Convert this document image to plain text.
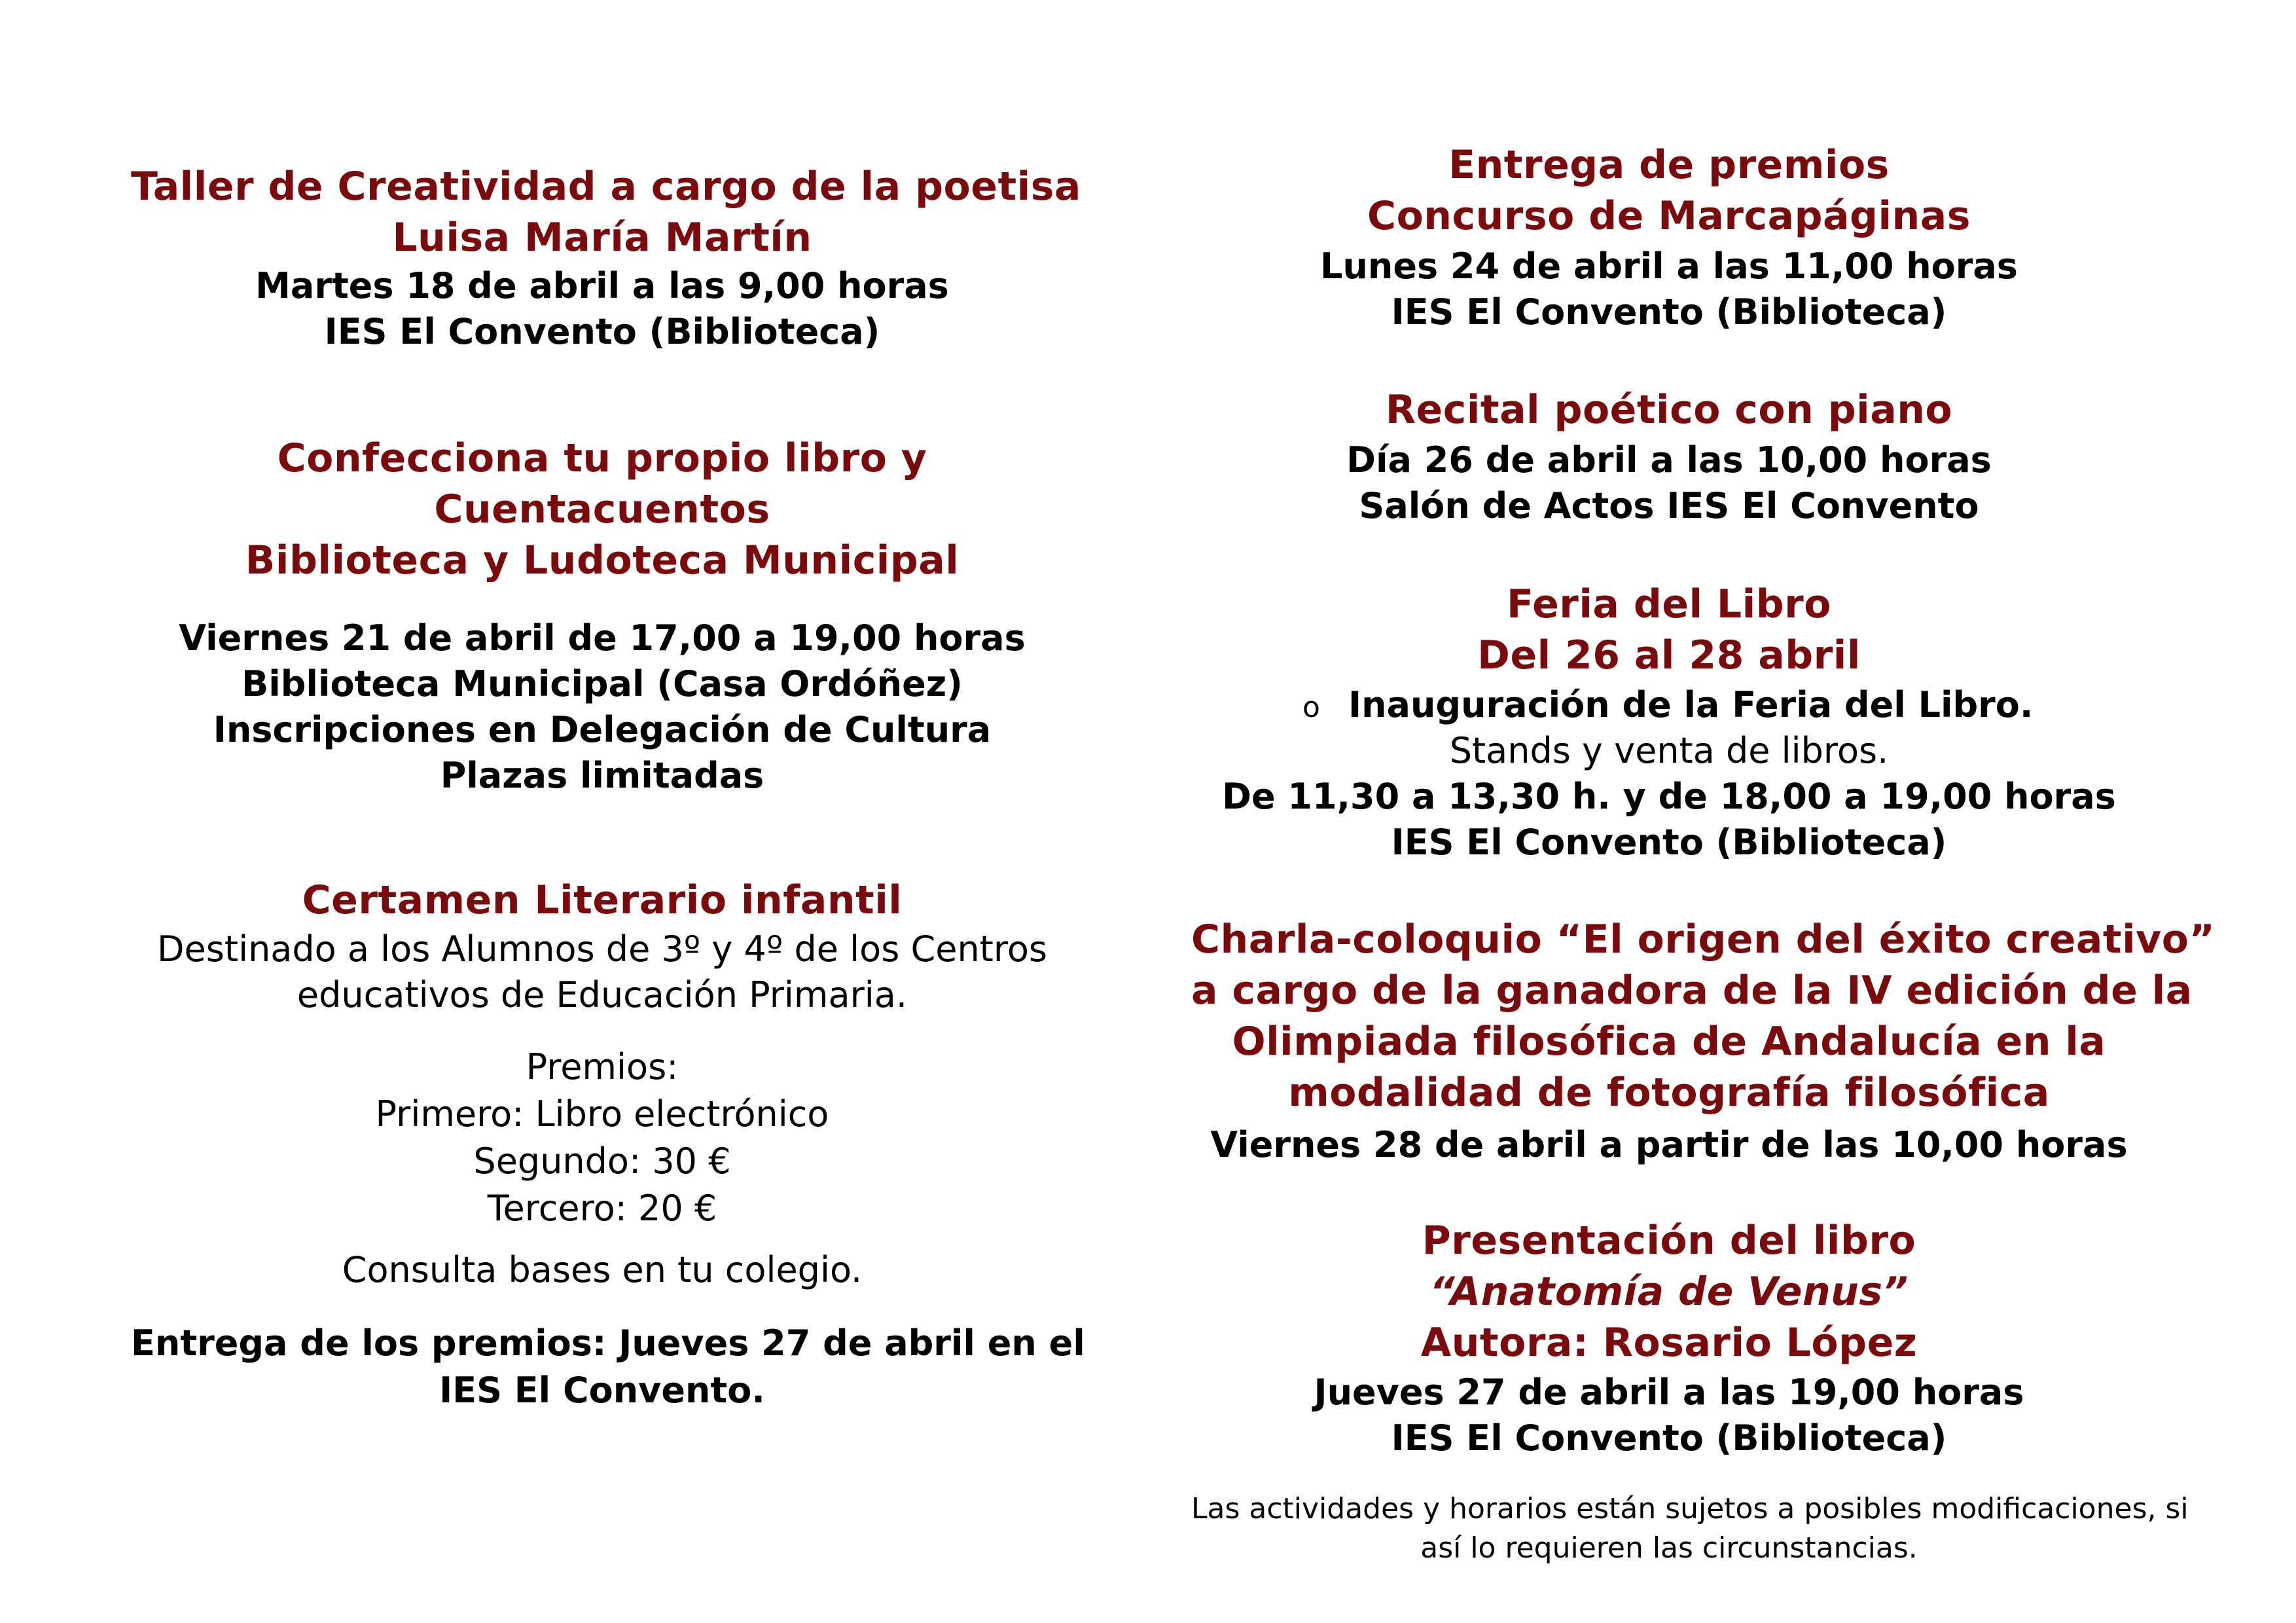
Taller de Creatividad a cargo de la poetisa
Luisa María Martín
Martes 18 de abril a las 9,00 horas
IES El Convento (Biblioteca)
Confecciona tu propio libro y
Cuentacuentos
Biblioteca y Ludoteca Municipal
Viernes 21 de abril de 17,00 a 19,00 horas
Biblioteca Municipal (Casa Ordóñez)
Inscripciones en Delegación de Cultura
Plazas limitadas
Certamen Literario infantil
Destinado a los Alumnos de 3º y 4º de los Centros
educativos de Educación Primaria.
Premios:
Primero: Libro electrónico
Segundo: 30 €
Tercero: 20 €
Consulta bases en tu colegio.
Entrega de los premios: Jueves 27 de abril en el
IES El Convento.
Entrega de premios
Concurso de Marcapáginas
Lunes 24 de abril a las 11,00 horas
IES El Convento (Biblioteca)
Recital poético con piano
Día 26 de abril a las 10,00 horas
Salón de Actos IES El Convento
Feria del Libro
Del 26 al 28 abril
o Inauguración de la Feria del Libro.
Stands y venta de libros.
De 11,30 a 13,30 h. y de 18,00 a 19,00 horas
IES El Convento (Biblioteca)
Charla-coloquio “El origen del éxito creativo”
a cargo de la ganadora de la IV edición de la
Olimpiada filosófica de Andalucía en la
modalidad de fotografía filosófica
Viernes 28 de abril a partir de las 10,00 horas
Presentación del libro
“Anatomía de Venus”
Autora: Rosario López
Jueves 27 de abril a las 19,00 horas
IES El Convento (Biblioteca)
Las actividades y horarios están sujetos a posibles modificaciones, si
así lo requieren las circunstancias.
